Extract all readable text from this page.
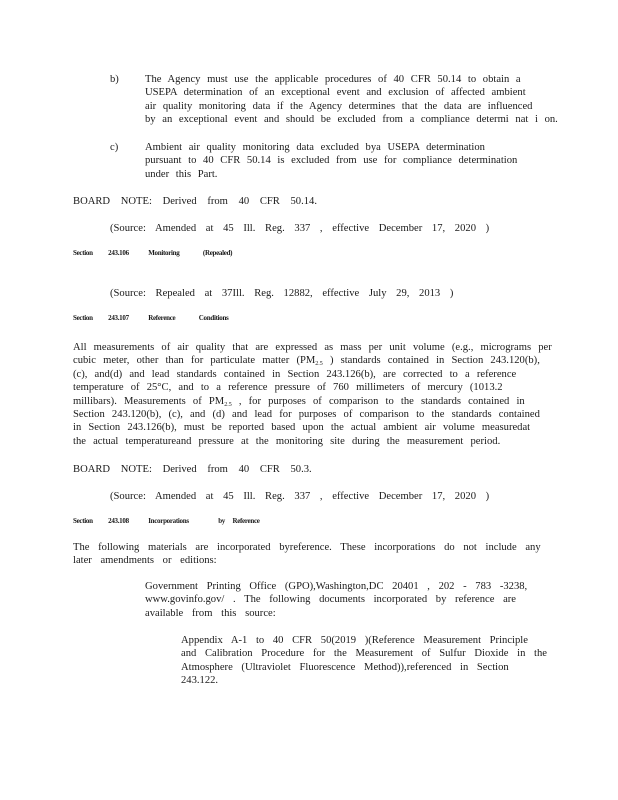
b) The Agency must use the applicable procedures of 40 CFR 50.14 to obtain a
USEPA determination of an exceptional event and exclusion of affected ambient
air quality monitoring data if the Agency determines that the data are influenced
by an exceptional event and should be excluded from a compliance determi nat i on.
c)	Ambient air quality monitoring data excluded bya USEPA determination
pursuant to 40 CFR 50.14 is excluded from use for compliance determination
under this Part.
BOARD NOTE: Derived from 40 CFR 50.14.
(Source: Amended at 45 Ill. Reg. 337 , effective December 17, 2020 )
Section 243.106	Monitoring	(Repealed)
(Source: Repealed at 37Ill. Reg. 12882, effective July 29, 2013 )
Section 243.107	Reference	Conditions
All measurements of air quality that are expressed as mass per unit volume (e.g., micrograms per
cubic meter, other than for particulate matter ($PM_{2.5}$ ) standards contained in Section 243.120(b),
(c), and(d) and lead standards contained in Section 243.126(b), are corrected to a reference
temperature of 25°C, and to a reference pressure of 760 millimeters of mercury (1013.2
millibars). Measurements of $PM_{2.5}$ , for purposes of comparison to the standards contained in
Section 243.120(b), (c), and (d) and lead for purposes of comparison to the standards contained
in Section 243.126(b), must be reported based upon the actual ambient air volume measuredat
the actual temperatureand pressure at the monitoring site during the measurement period.
BOARD NOTE: Derived from 40 CFR 50.3.
(Source: Amended at 45 Ill. Reg. 337 , effective December 17, 2020 )
Section 243.108	Incorporations	by Reference
The following materials are incorporated byreference. These incorporations do not include any
later amendments or editions:
Government Printing Office (GPO),Washington,DC 20401 , 202 - 783 -3238,
www.govinfo.gov/ . The following documents incorporated by reference are
available from this source:
Appendix A-1 to 40 CFR 50(2019 )(Reference Measurement Principle
and Calibration Procedure for the Measurement of Sulfur Dioxide in the
Atmosphere (Ultraviolet Fluorescence Method)),referenced in Section
243.122.
